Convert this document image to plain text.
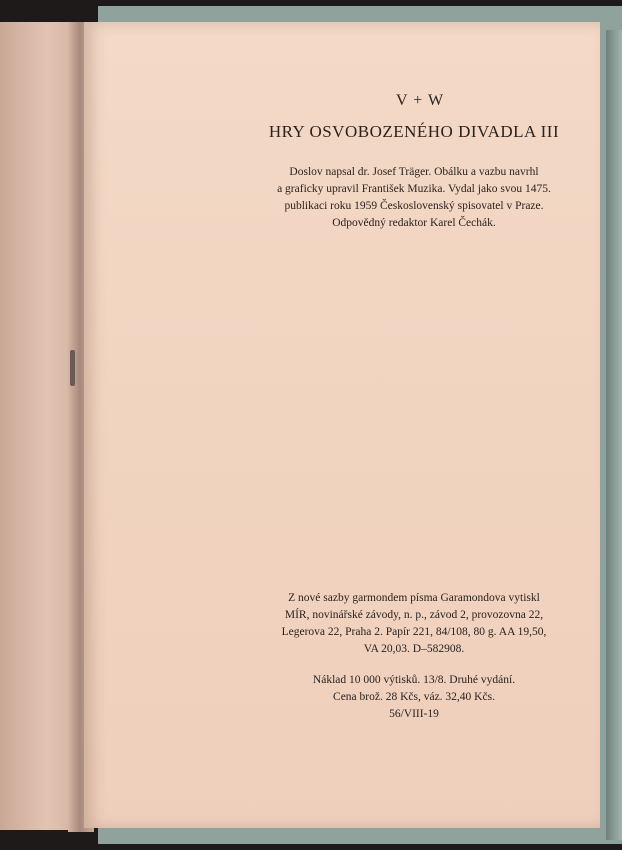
V + W
HRY OSVOBOZENÉHO DIVADLA III
Doslov napsal dr. Josef Träger. Obálku a vazbu navrhl
a graficky upravil František Muzika. Vydal jako svou 1475.
publikaci roku 1959 Československý spisovatel v Praze.
Odpovědný redaktor Karel Čechák.
Z nové sazby garmondem písma Garamondova vytiskl
MÍR, novinářské závody, n. p., závod 2, provozovna 22,
Legerova 22, Praha 2. Papír 221, 84/108, 80 g. AA 19,50,
VA 20,03. D–582908.
Náklad 10 000 výtisků. 13/8. Druhé vydání.
Cena brož. 28 Kčs, váz. 32,40 Kčs.
56/VIII-19
